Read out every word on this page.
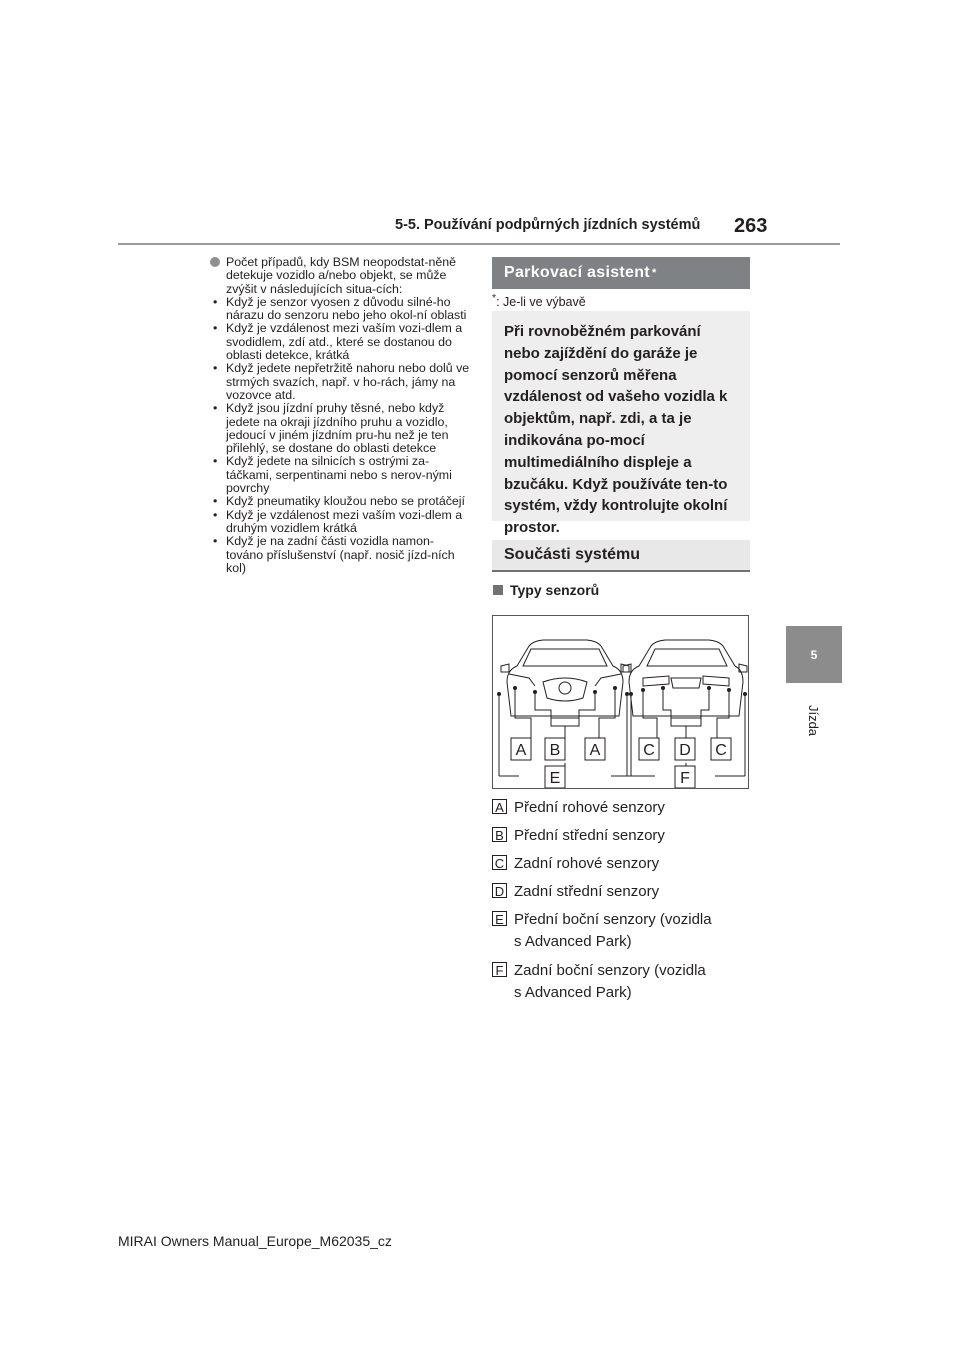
5-5. Používání podpůrných jízdních systémů 263
5
Jízda
Počet případů, kdy BSM neopodstat-něně detekuje vozidlo a/nebo objekt, se může zvýšit v následujících situa-cích:
• Když je senzor vyosen z důvodu silné-ho nárazu do senzoru nebo jeho okol-ní oblasti
• Když je vzdálenost mezi vaším vozi-dlem a svodidlem, zdí atd., které se dostanou do oblasti detekce, krátká
• Když jedete nepřetržitě nahoru nebo dolů ve strmých svazích, např. v ho-rách, jámy na vozovce atd.
• Když jsou jízdní pruhy těsné, nebo když jedete na okraji jízdního pruhu a vozidlo, jedoucí v jiném jízdním pru-hu než je ten přilehlý, se dostane do oblasti detekce
• Když jedete na silnicích s ostrými za-táčkami, serpentinami nebo s nerov-nými povrchy
• Když pneumatiky kloužou nebo se protáčejí
• Když je vzdálenost mezi vaším vozi-dlem a druhým vozidlem krátká
• Když je na zadní části vozidla namon-továno příslušenství (např. nosič jízd-ních kol)
Parkovací asistent *
*: Je-li ve výbavě
Při rovnoběžném parkování nebo zajíždění do garáže je pomocí senzorů měřena vzdálenost od vašeho vozidla k objektům, např. zdi, a ta je indikována po-mocí multimediálního displeje a bzučáku. Když používáte ten-to systém, vždy kontrolujte okolní prostor.
Součásti systému
Typy senzorů
A B A	C D C
E	F
A Přední rohové senzory
B Přední střední senzory
C Zadní rohové senzory
D Zadní střední senzory
E Přední boční senzory (vozidla s Advanced Park)
F Zadní boční senzory (vozidla s Advanced Park)
MIRAI Owners Manual_Europe_M62035_cz
